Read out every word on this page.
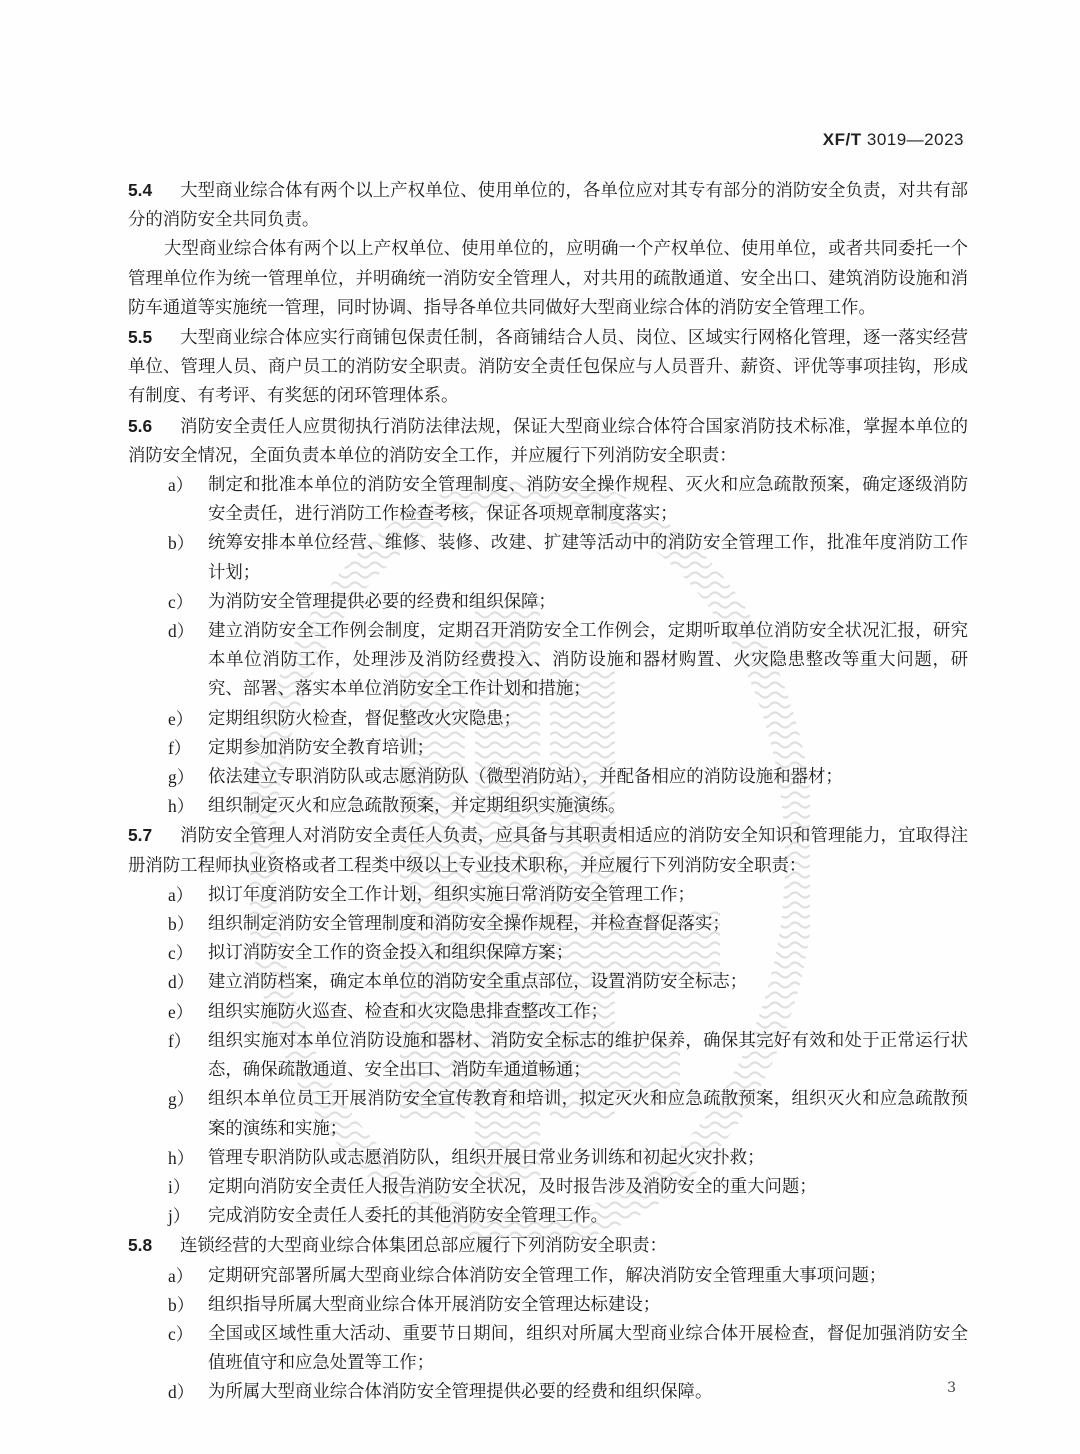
XF/T 3019—2023

5.4 大型商业综合体有两个以上产权单位、使用单位的，各单位应对其专有部分的消防安全负责，对共有部分的消防安全共同负责。

大型商业综合体有两个以上产权单位、使用单位的，应明确一个产权单位、使用单位，或者共同委托一个管理单位作为统一管理单位，并明确统一消防安全管理人，对共用的疏散通道、安全出口、建筑消防设施和消防车通道等实施统一管理，同时协调、指导各单位共同做好大型商业综合体的消防安全管理工作。

5.5 大型商业综合体应实行商铺包保责任制，各商铺结合人员、岗位、区域实行网格化管理，逐一落实经营单位、管理人员、商户员工的消防安全职责。消防安全责任包保应与人员晋升、薪资、评优等事项挂钩，形成有制度、有考评、有奖惩的闭环管理体系。

5.6 消防安全责任人应贯彻执行消防法律法规，保证大型商业综合体符合国家消防技术标准，掌握本单位的消防安全情况，全面负责本单位的消防安全工作，并应履行下列消防安全职责：

a） 制定和批准本单位的消防安全管理制度、消防安全操作规程、灭火和应急疏散预案，确定逐级消防安全责任，进行消防工作检查考核，保证各项规章制度落实；

b） 统筹安排本单位经营、维修、装修、改建、扩建等活动中的消防安全管理工作，批准年度消防工作计划；

c） 为消防安全管理提供必要的经费和组织保障；

d） 建立消防安全工作例会制度，定期召开消防安全工作例会，定期听取单位消防安全状况汇报，研究本单位消防工作，处理涉及消防经费投入、消防设施和器材购置、火灾隐患整改等重大问题，研究、部署、落实本单位消防安全工作计划和措施；

e） 定期组织防火检查，督促整改火灾隐患；

f） 定期参加消防安全教育培训；

g） 依法建立专职消防队或志愿消防队（微型消防站），并配备相应的消防设施和器材；

h） 组织制定灭火和应急疏散预案，并定期组织实施演练。

5.7 消防安全管理人对消防安全责任人负责，应具备与其职责相适应的消防安全知识和管理能力，宜取得注册消防工程师执业资格或者工程类中级以上专业技术职称，并应履行下列消防安全职责：

a） 拟订年度消防安全工作计划，组织实施日常消防安全管理工作；

b） 组织制定消防安全管理制度和消防安全操作规程，并检查督促落实；

c） 拟订消防安全工作的资金投入和组织保障方案；

d） 建立消防档案，确定本单位的消防安全重点部位，设置消防安全标志；

e） 组织实施防火巡查、检查和火灾隐患排查整改工作；

f） 组织实施对本单位消防设施和器材、消防安全标志的维护保养，确保其完好有效和处于正常运行状态，确保疏散通道、安全出口、消防车通道畅通；

g） 组织本单位员工开展消防安全宣传教育和培训，拟定灭火和应急疏散预案，组织灭火和应急疏散预案的演练和实施；

h） 管理专职消防队或志愿消防队，组织开展日常业务训练和初起火灾扑救；

i） 定期向消防安全责任人报告消防安全状况，及时报告涉及消防安全的重大问题；

j） 完成消防安全责任人委托的其他消防安全管理工作。

5.8 连锁经营的大型商业综合体集团总部应履行下列消防安全职责：

a） 定期研究部署所属大型商业综合体消防安全管理工作，解决消防安全管理重大事项问题；

b） 组织指导所属大型商业综合体开展消防安全管理达标建设；

c） 全国或区域性重大活动、重要节日期间，组织对所属大型商业综合体开展检查，督促加强消防安全值班值守和应急处置等工作；

d） 为所属大型商业综合体消防安全管理提供必要的经费和组织保障。	3
